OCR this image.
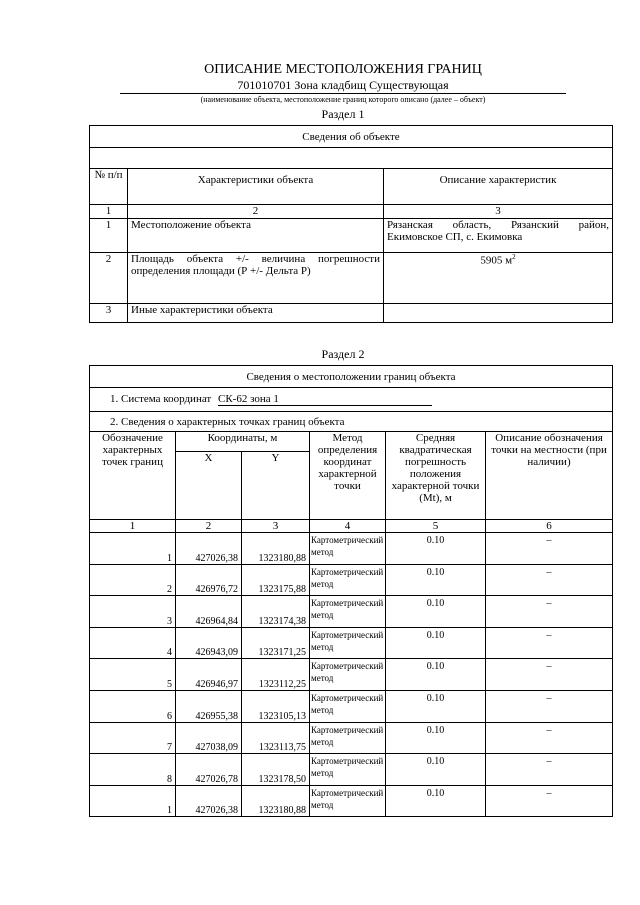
ОПИСАНИЕ МЕСТОПОЛОЖЕНИЯ ГРАНИЦ
701010701 Зона кладбищ Существующая
(наименование объекта, местоположение границ которого описано (далее – объект)
Раздел 1
Сведения об объекте		

№ п/п	Характеристики объекта	Описание характеристик
1	2	3
1	Местоположение объекта	Рязанская область, Рязанский район, Екимовское СП, с. Екимовка
2	Площадь объекта +/- величина погрешности определения площади (Р +/- Дельта Р)	5905 $м^2$
3	Иные характеристики объекта	
Раздел 2
Сведения о местоположении границ объекта					
1. Система координат СК-62 зона 1					
2. Сведения о характерных точках границ объекта					
Обозначение характерных точек границ	Координаты, м		Метод определения координат характерной точки	Средняя квадратическая погрешность положения характерной точки (Mt), м	Описание обозначения точки на местности (при наличии)
	X	Y			
1	2	3	4	5	6
1	427026,38	1323180,88	Картометрический метод	0.10	–
2	426976,72	1323175,88	Картометрический метод	0.10	–
3	426964,84	1323174,38	Картометрический метод	0.10	–
4	426943,09	1323171,25	Картометрический метод	0.10	–
5	426946,97	1323112,25	Картометрический метод	0.10	–
6	426955,38	1323105,13	Картометрический метод	0.10	–
7	427038,09	1323113,75	Картометрический метод	0.10	–
8	427026,78	1323178,50	Картометрический метод	0.10	–
1	427026,38	1323180,88	Картометрический метод	0.10	–
